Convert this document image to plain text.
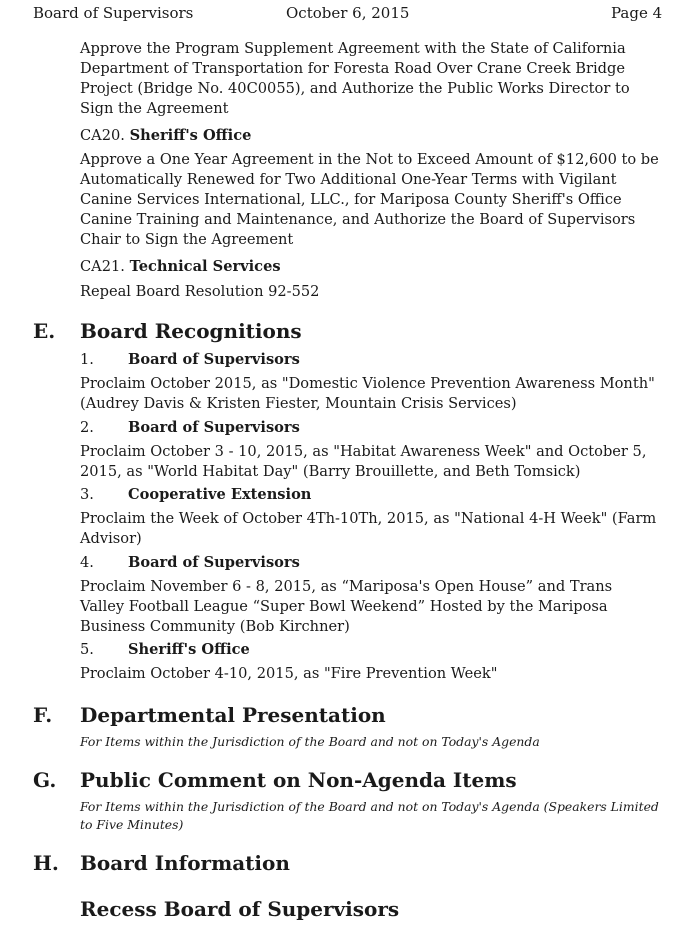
Board of Supervisors	October 6, 2015	Page 4

Approve the Program Supplement Agreement with the State of California Department of Transportation for Foresta Road Over Crane Creek Bridge Project (Bridge No. 40C0055), and Authorize the Public Works Director to Sign the Agreement

CA20. Sheriff's Office

Approve a One Year Agreement in the Not to Exceed Amount of $12,600 to be Automatically Renewed for Two Additional One-Year Terms with Vigilant Canine Services International, LLC., for Mariposa County Sheriff's Office Canine Training and Maintenance, and Authorize the Board of Supervisors Chair to Sign the Agreement

CA21. Technical Services

Repeal Board Resolution 92-552

E. Board Recognitions
1. Board of Supervisors

Proclaim October 2015, as "Domestic Violence Prevention Awareness Month" (Audrey Davis & Kristen Fiester, Mountain Crisis Services)

2. Board of Supervisors

Proclaim October 3 - 10, 2015, as "Habitat Awareness Week" and October 5, 2015, as "World Habitat Day" (Barry Brouillette, and Beth Tomsick)

3. Cooperative Extension

Proclaim the Week of October 4Th-10Th, 2015, as "National 4-H Week" (Farm Advisor)

4. Board of Supervisors

Proclaim November 6 - 8, 2015, as “Mariposa's Open House” and Trans Valley Football League “Super Bowl Weekend” Hosted by the Mariposa Business Community (Bob Kirchner)

5. Sheriff's Office

Proclaim October 4-10, 2015, as "Fire Prevention Week"

F. Departmental Presentation

For Items within the Jurisdiction of the Board and not on Today's Agenda

G. Public Comment on Non-Agenda Items

For Items within the Jurisdiction of the Board and not on Today's Agenda (Speakers Limited to Five Minutes)

H. Board Information
Recess Board of Supervisors
